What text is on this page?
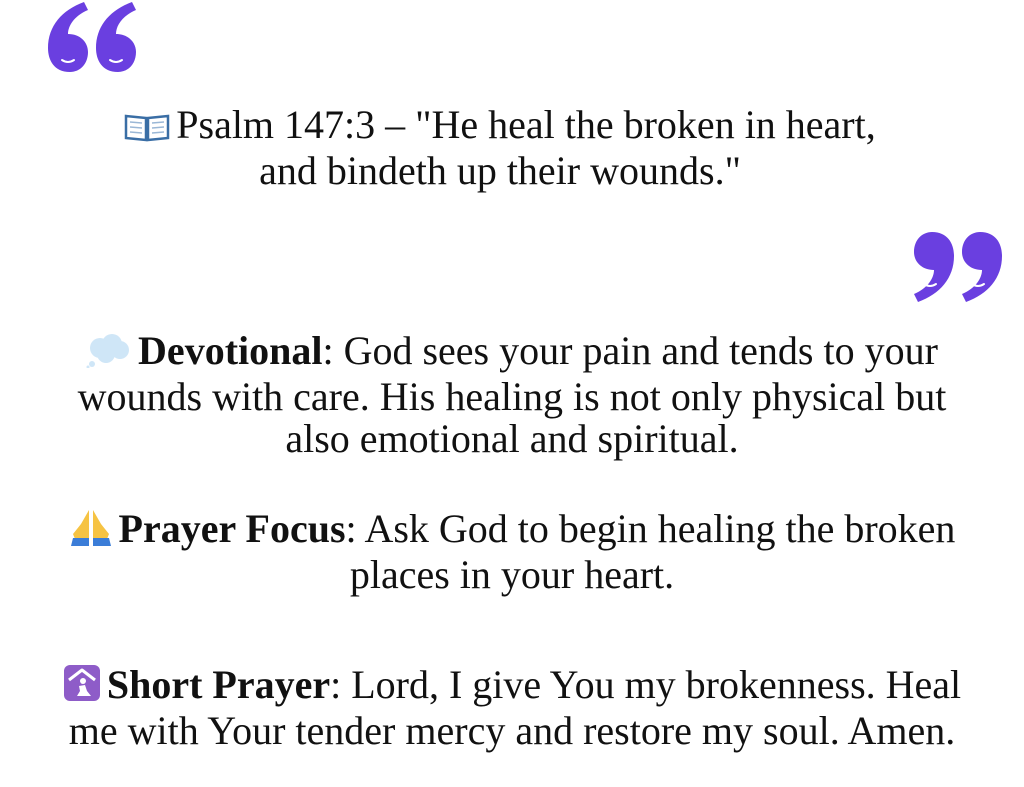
Psalm 147:3 – "He heal the broken in heart,
and bindeth up their wounds."
Devotional: God sees your pain and tends to your
wounds with care. His healing is not only physical but
also emotional and spiritual.
Prayer Focus: Ask God to begin healing the broken
places in your heart.
Short Prayer: Lord, I give You my brokenness. Heal
me with Your tender mercy and restore my soul. Amen.
